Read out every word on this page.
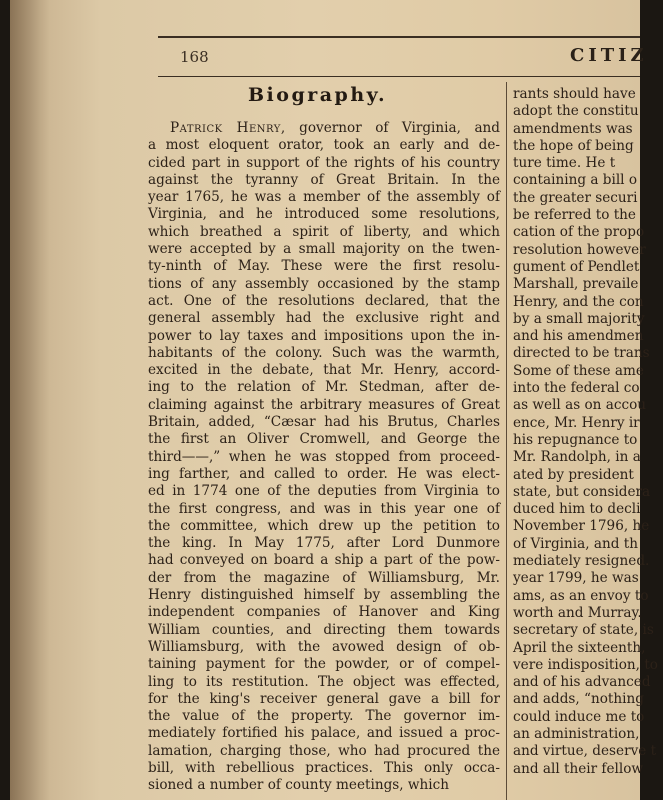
168	CITIZ
Biography.
Patrick Henry, governor of Virginia, and
a most eloquent orator, took an early and de-
cided part in support of the rights of his country
against the tyranny of Great Britain. In the
year 1765, he was a member of the assembly of
Virginia, and he introduced some resolutions,
which breathed a spirit of liberty, and which
were accepted by a small majority on the twen-
ty-ninth of May. These were the first resolu-
tions of any assembly occasioned by the stamp
act. One of the resolutions declared, that the
general assembly had the exclusive right and
power to lay taxes and impositions upon the in-
habitants of the colony. Such was the warmth,
excited in the debate, that Mr. Henry, accord-
ing to the relation of Mr. Stedman, after de-
claiming against the arbitrary measures of Great
Britain, added, “Cæsar had his Brutus, Charles
the first an Oliver Cromwell, and George the
third——,” when he was stopped from proceed-
ing farther, and called to order. He was elect-
ed in 1774 one of the deputies from Virginia to
the first congress, and was in this year one of
the committee, which drew up the petition to
the king. In May 1775, after Lord Dunmore
had conveyed on board a ship a part of the pow-
der from the magazine of Williamsburg, Mr.
Henry distinguished himself by assembling the
independent companies of Hanover and King
William counties, and directing them towards
Williamsburg, with the avowed design of ob-
taining payment for the powder, or of compel-
ling to its restitution. The object was effected,
for the king's receiver general gave a bill for
the value of the property. The governor im-
mediately fortified his palace, and issued a proc-
lamation, charging those, who had procured the
bill, with rebellious practices. This only occa-
sioned a number of county meetings, which
rants should have
adopt the constitu
amendments was
the hope of being
ture time. He t
containing a bill o
the greater securi
be referred to the
cation of the propo
resolution however
gument of Pendlet
Marshall, prevaile
Henry, and the con
by a small majority
and his amendmen
directed to be trans
Some of these ame
into the federal co
as well as on accou
ence, Mr. Henry ir
his repugnance to
Mr. Randolph, in a
ated by president
state, but considera
duced him to decli
November 1796, he
of Virginia, and th
mediately resigned.
year 1799, he was
ams, as an envoy to
worth and Murray.
secretary of state, is
April the sixteenth,
vere indisposition, to
and of his advanced
and adds, “nothing
could induce me to
an administration,
and virtue, deserve t
and all their fellow
